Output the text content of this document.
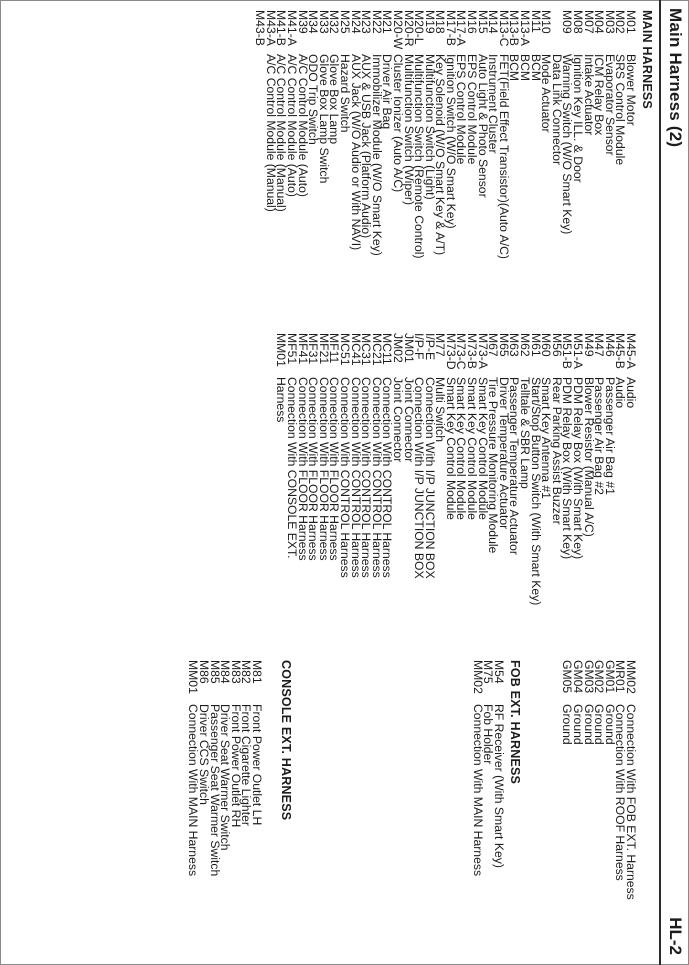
Main Harness (2)
HL-2
MAIN HARNESS
M01
Blower Motor
M02
SRS Control Module
M03
Evaporator Sensor
M04
ICM Relay Box
M07
Intake Actuator
M08
Ignition Key ILL. & Door
M09
Warning Switch (W/O Smart Key)
Data Link Connector
M10
Mode Actuator
M11
BCM
M13-A
BCM
M13-B
BCM
M13-C
FET(Field Effect Transistor)(Auto A/C)
M14
Instrument Cluster
M15
Auto Light & Photo Sensor
M16
EPS Control Module
M17-A
EPS Control Module
M17-B
Ignition Switch (W/O Smart Key)
M18
Key Solenoid (W/O Smart Key & A/T)
M19
Multifunction Switch (Light)
M20-L
Multifunction Switch (Remote Control)
M20-R
Multifunction Switch (Wiper)
M20-W
Cluster Ionizer (Auto A/C)
M21
Driver Air Bag
M22
Immobilizer Module (W/O Smart Key)
M23
AUX & USB Jack (Platform Audio)
M24
AUX Jack (W/O Audio or With NAVI)
M25
Hazard Switch
M32
Glove Box Lamp
M33
Glove Box Lamp Switch
M34
ODO Trip Switch
M39
A/C Control Module (Auto)
M41-A
A/C Control Module (Auto)
M41-B
A/C Control Module (Manual)
M43-A
A/C Control Module (Manual)
M43-B
M45-A
Audio
M45-B
Audio
M46
Passenger Air Bag #1
M47
Passenger Air Bag #2
M49
Blower Resistor (Manual A/C)
M51-A
PDM Relay Box (With Smart Key)
M51-B
PDM Relay Box (With Smart Key)
M56
Rear Parking Assist Buzzer
M60
Smart Key Antenna #1
M61
Start/Stop Button Switch (With Smart Key)
M62
Telltale & SBR Lamp
M63
Passenger Temperature Actuator
M65
Driver Temperature Actuator
M67
Tire Pressure Monitoring Module
M73-A
Smart Key Control Module
M73-B
Smart Key Control Module
M73-C
Smart Key Control Module
M73-D
Smart Key Control Module
M77
Multi Switch
I/P-E
Connection With I/P JUNCTION BOX
I/P-F
Connection With I/P JUNCTION BOX
JM01
Joint Connector
JM02
Joint Connector
MC11
Connection With CONTROL Harness
MC21
Connection With CONTROL Harness
MC31
Connection With CONTROL Harness
MC41
Connection With CONTROL Harness
MC51
Connection With CONTROL Harness
MF11
Connection With FLOOR Harness
MF21
Connection With FLOOR Harness
MF31
Connection With FLOOR Harness
MF41
Connection With FLOOR Harness
MF51
Connection With CONSOLE EXT.
MM01
Harness
MM02
Connection With FOB EXT. Harness
MR01
Connection With ROOF Harness
GM01
Ground
GM02
Ground
GM03
Ground
GM04
Ground
GM05
Ground
FOB EXT. HARNESS
M54
RF Receiver (With Smart Key)
M75
Fob Holder
MM02
Connection With MAIN Harness
CONSOLE EXT. HARNESS
M81
Front Power Outlet LH
M82
Front Cigarette Lighter
M83
Front Power Outlet RH
M84
Driver Seat Warmer Switch
M85
Passenger Seat Warmer Switch
M86
Driver CCS Switch
MM01
Connection With MAIN Harness
